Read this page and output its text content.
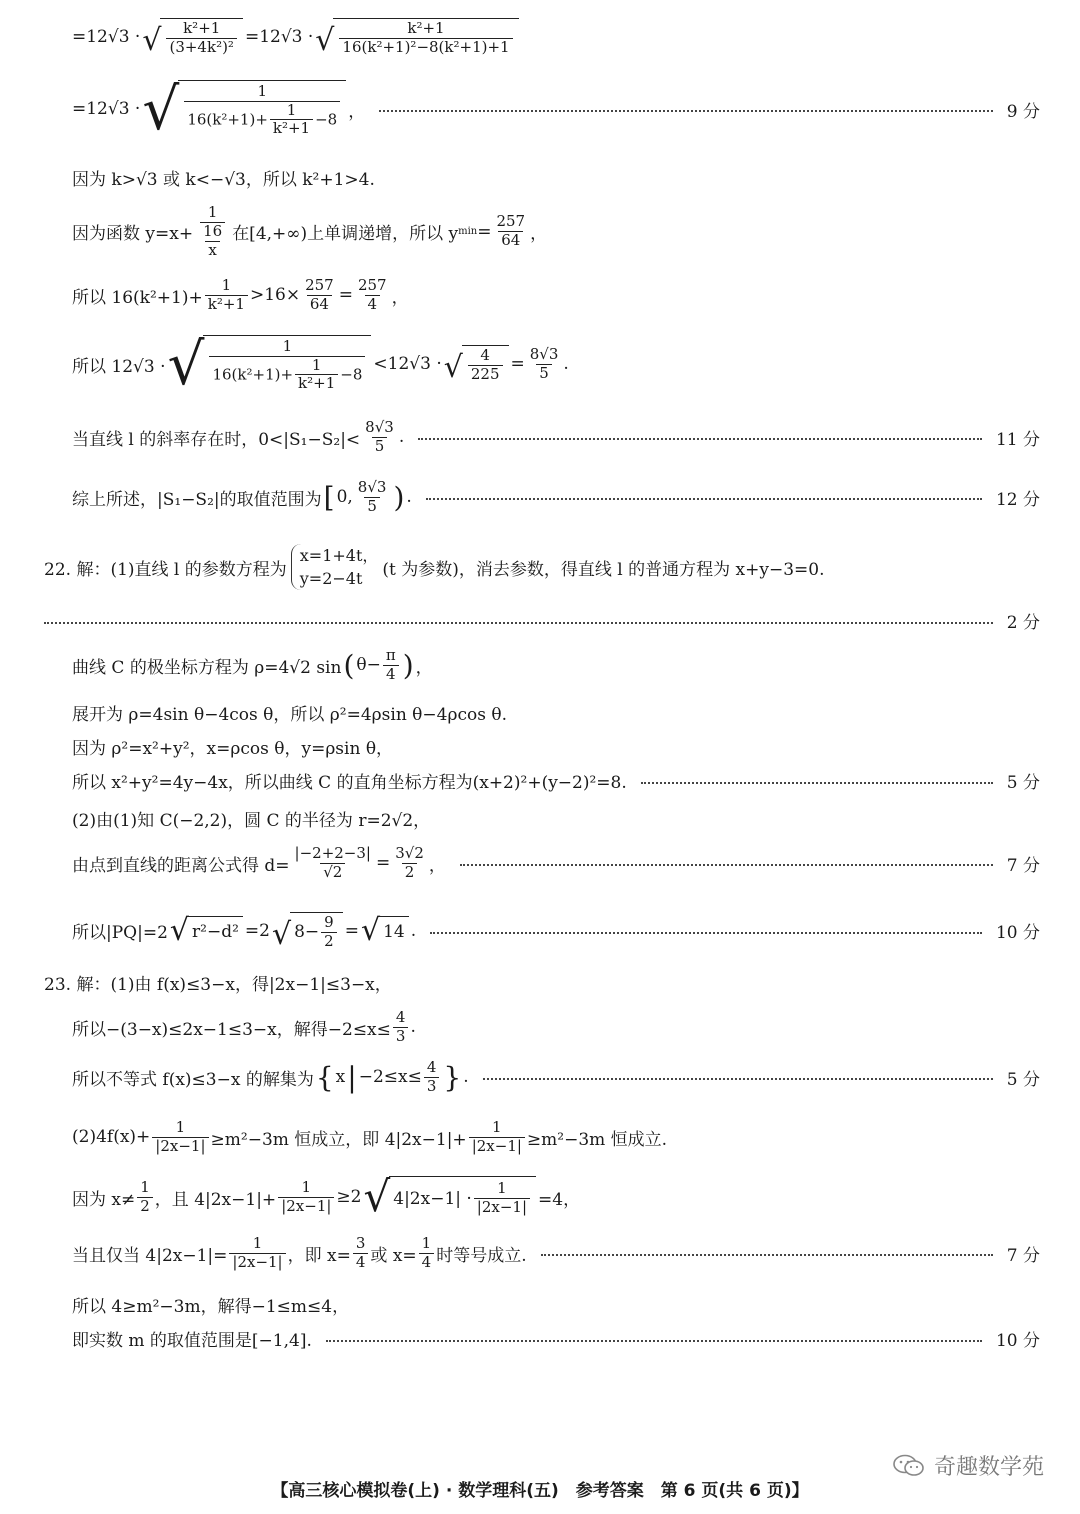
=12√3 · √ $\frac{\text{k²+1}}{\text{(3+4k²)²}} =12√3$ · √ $\frac{\text{k²+1}}{\text{16(k²+1)²−8(k²+1)+1}}$
=12√3 · √ $\frac{1}{16(k^2+1)+ \frac{1}{\text{k²+1}} -8}$ ，	9 分
因为 k>√3 或 k<−√3，所以 k²+1>4.
因为函数 $y=x+ \frac{\frac{1}{16}}{x}$ 在[4,+∞)上单调递增，所以 y $\min = \frac{257}{64}$ ，
所以 $16(k^2+1)+ \frac{1}{\text{k²+1}} >16\times \frac{257}{64} = \frac{257}{4}$ ，
所以 12√3 · √ $\frac{1}{16(k^2+1)+ \frac{1}{\text{k²+1}} -8} <12√3$ · √ $\frac{4}{225} = \frac{8√3}{5}$ .
当直线 l 的斜率存在时，$0<|S_1-S_2|< \frac{8√3}{5}$ .	11 分
综上所述，|S₁−S₂|的取值范围为 [ 0, $\frac{8√3}{5}$ ) .	12 分
22. 解：(1)直线 l 的参数方程为
x=1+4t，
y=2−4t	(t 为参数)，消去参数，得直线 l 的普通方程为 x+y−3=0.
2 分
曲线 C 的极坐标方程为 ρ=4√2 sin ( $\theta- \frac{\pi}{4}$ ) ，
展开为 ρ=4sin θ−4cos θ，所以 ρ²=4ρsin θ−4ρcos θ.
因为 ρ²=x²+y²，x=ρcos θ，y=ρsin θ，
所以 x²+y²=4y−4x，所以曲线 C 的直角坐标方程为(x+2)²+(y−2)²=8.	5 分
(2)由(1)知 C(−2,2)，圆 C 的半径为 r=2√2，
由点到直线的距离公式得 $d= \frac{|-2+2-3|}{√2} = \frac{3√2}{2}$ ，	7 分
所以|PQ|=2 √ r²−d² =2 √ $8- \frac{9}{2}$ = √ 14 .	10 分
23. 解：(1)由 f(x)≤3−x，得|2x−1|≤3−x，
所以−(3−x)≤2x−1≤3−x，解得$-2\le x\le \frac{4}{3}$ .
所以不等式 f(x)≤3−x 的解集为 { x | $-2\le x\le \frac{4}{3}$ } .	5 分
$(2)4f(x)+ \frac{1}{|2x-1|} \ge m^2-3m$ 恒成立，即 $4|2x-1|+ \frac{1}{|2x-1|} \ge m^2-3m$ 恒成立.
因为 $x\ne \frac{1}{2}$ ，且 $4|2x-1|+ \frac{1}{|2x-1|} \ge 2$ √ $4|2x-1| \cdot \frac{1}{|2x-1|} =4$，
当且仅当 $4|2x-1|= \frac{1}{|2x-1|}$ ，即 $x= \frac{3}{4}$ 或 $x= \frac{1}{4}$ 时等号成立.	7 分
所以 4≥m²−3m，解得−1≤m≤4，
即实数 m 的取值范围是[−1,4].	10 分
奇趣数学苑
【高三核心模拟卷(上) · 数学理科(五)　参考答案　第 6 页(共 6 页)】
